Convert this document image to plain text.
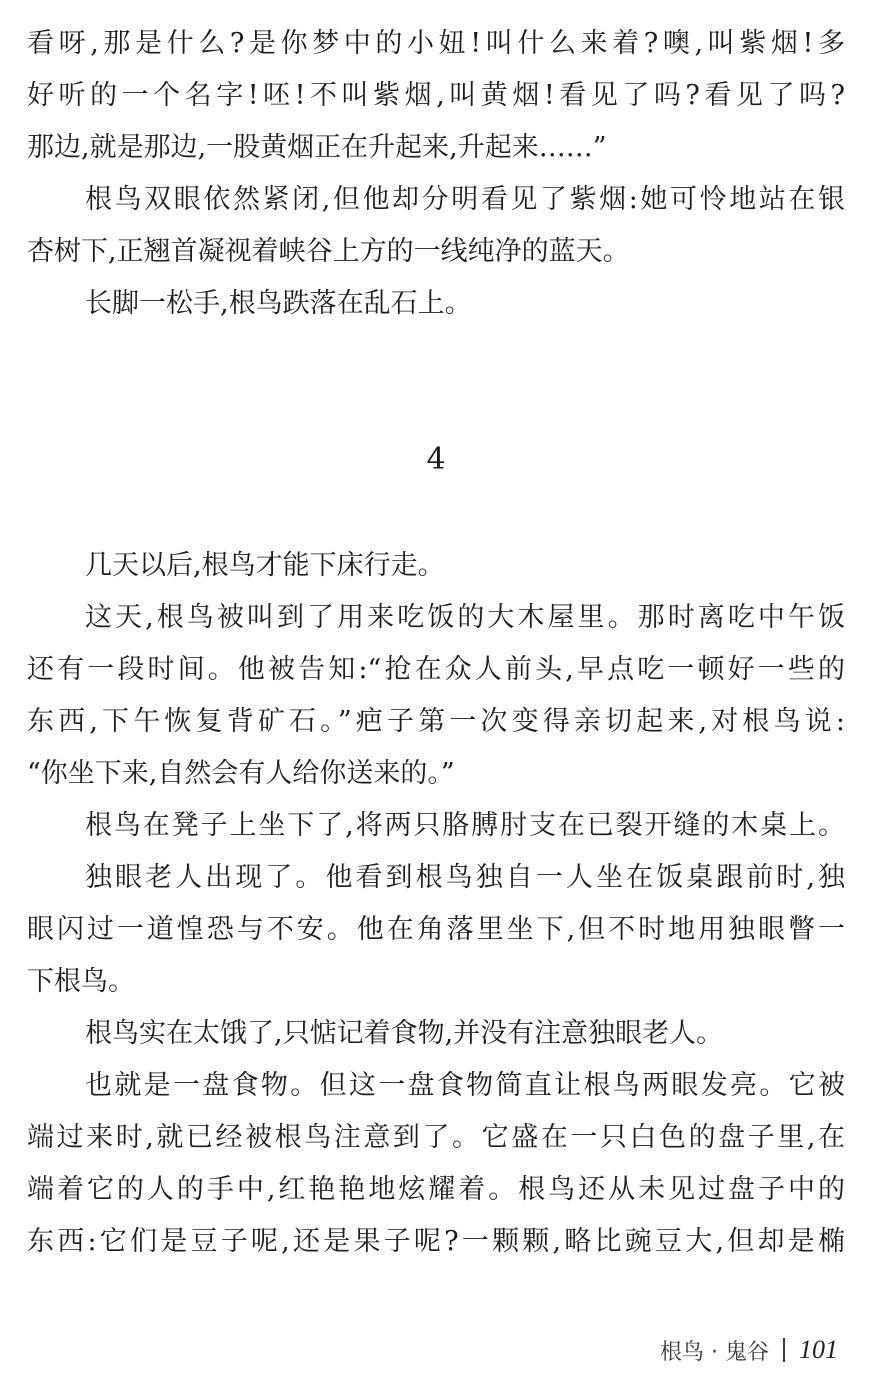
看呀,那是什么?是你梦中的小妞!叫什么来着?噢,叫紫烟!多
好听的一个名字!呸!不叫紫烟,叫黄烟!看见了吗?看见了吗?
那边,就是那边,一股黄烟正在升起来,升起来……”
根鸟双眼依然紧闭,但他却分明看见了紫烟:她可怜地站在银
杏树下,正翘首凝视着峡谷上方的一线纯净的蓝天。
长脚一松手,根鸟跌落在乱石上。
4
几天以后,根鸟才能下床行走。
这天,根鸟被叫到了用来吃饭的大木屋里。那时离吃中午饭
还有一段时间。他被告知:“抢在众人前头,早点吃一顿好一些的
东西,下午恢复背矿石。”疤子第一次变得亲切起来,对根鸟说:
“你坐下来,自然会有人给你送来的。”
根鸟在凳子上坐下了,将两只胳膊肘支在已裂开缝的木桌上。
独眼老人出现了。他看到根鸟独自一人坐在饭桌跟前时,独
眼闪过一道惶恐与不安。他在角落里坐下,但不时地用独眼瞥一
下根鸟。
根鸟实在太饿了,只惦记着食物,并没有注意独眼老人。
也就是一盘食物。但这一盘食物简直让根鸟两眼发亮。它被
端过来时,就已经被根鸟注意到了。它盛在一只白色的盘子里,在
端着它的人的手中,红艳艳地炫耀着。根鸟还从未见过盘子中的
东西:它们是豆子呢,还是果子呢?一颗颗,略比豌豆大,但却是椭
根鸟 · 鬼谷 101
